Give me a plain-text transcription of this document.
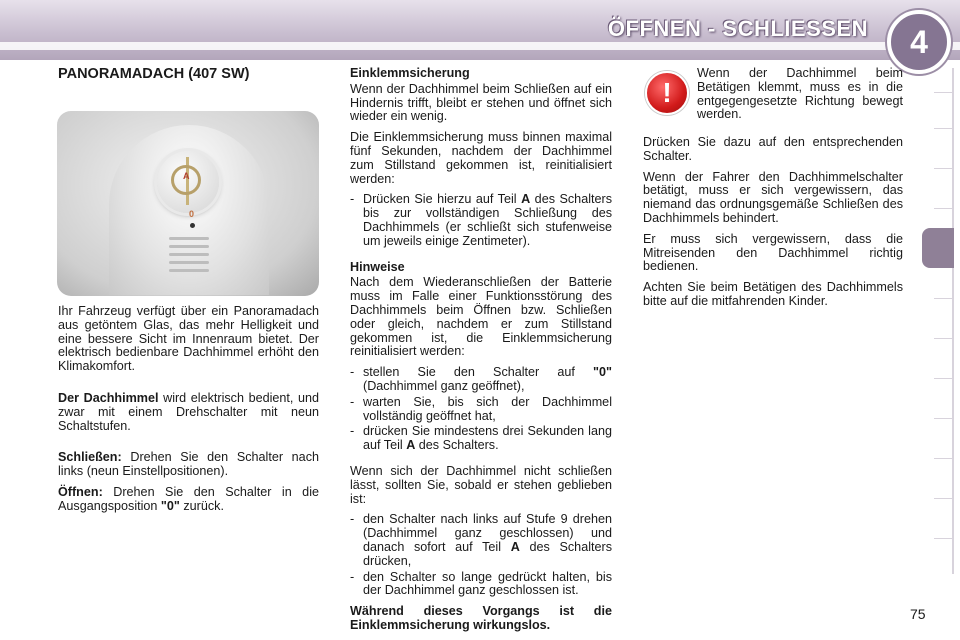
ÖFFNEN - SCHLIESSEN	4
PANORAMADACH (407 SW)
A
0

Ihr Fahrzeug verfügt über ein Panoramadach aus getöntem Glas, das mehr Helligkeit und eine bessere Sicht im Innenraum bietet. Der elektrisch bedienbare Dachhimmel erhöht den Klimakomfort.

Der Dachhimmel wird elektrisch bedient, und zwar mit einem Drehschalter mit neun Schaltstufen.

Schließen: Drehen Sie den Schalter nach links (neun Einstellpositionen).

Öffnen: Drehen Sie den Schalter in die Ausgangsposition "0" zurück.

Einklemmsicherung

Wenn der Dachhimmel beim Schließen auf ein Hindernis trifft, bleibt er stehen und öffnet sich wieder ein wenig.

Die Einklemmsicherung muss binnen maximal fünf Sekunden, nachdem der Dachhimmel zum Stillstand gekommen ist, reinitialisiert werden:

- Drücken Sie hierzu auf Teil A des Schalters bis zur vollständigen Schließung des Dachhimmels (er schließt sich stufenweise um jeweils einige Zentimeter).
Hinweise

Nach dem Wiederanschließen der Batterie muss im Falle einer Funktionsstörung des Dachhimmels beim Öffnen bzw. Schließen oder gleich, nachdem er zum Stillstand gekommen ist, die Einklemmsicherung reinitialisiert werden:

- stellen Sie den Schalter auf "0" (Dachhimmel ganz geöffnet),
- warten Sie, bis sich der Dachhimmel vollständig geöffnet hat,
- drücken Sie mindestens drei Sekunden lang auf Teil A des Schalters.

Wenn sich der Dachhimmel nicht schließen lässt, sollten Sie, sobald er stehen geblieben ist:

- den Schalter nach links auf Stufe 9 drehen (Dachhimmel ganz geschlossen) und danach sofort auf Teil A des Schalters drücken,
- den Schalter so lange gedrückt halten, bis der Dachhimmel ganz geschlossen ist.

Während dieses Vorgangs ist die Einklemmsicherung wirkungslos.

!

Wenn der Dachhimmel beim Betätigen klemmt, muss es in die entgegengesetzte Richtung bewegt werden.

Drücken Sie dazu auf den entsprechenden Schalter.

Wenn der Fahrer den Dachhimmelschalter betätigt, muss er sich vergewissern, das niemand das ordnungsgemäße Schließen des Dachhimmels behindert.

Er muss sich vergewissern, dass die Mitreisenden den Dachhimmel richtig bedienen.

Achten Sie beim Betätigen des Dachhimmels bitte auf die mitfahrenden Kinder.

75
